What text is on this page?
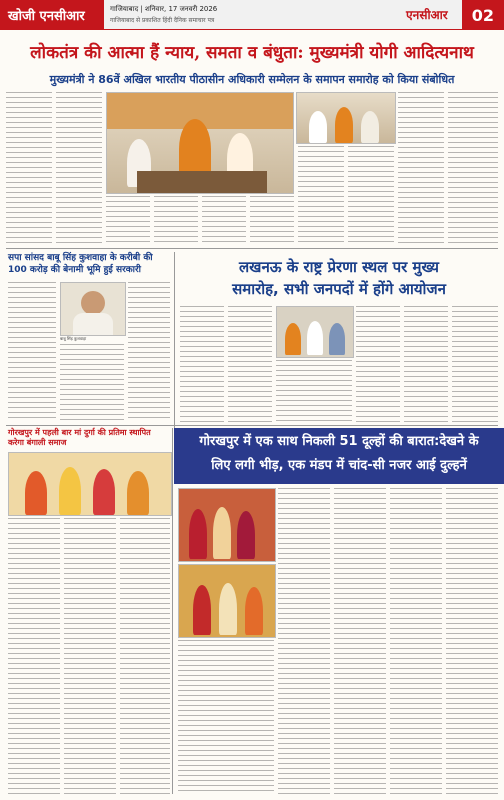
खोजी एनसीआर	गाजियाबाद | शनिवार, 17 जनवरी 2026
गाजियाबाद से प्रकाशित हिंदी दैनिक समाचार पत्र	एनसीआर	02
लोकतंत्र की आत्मा हैं न्याय, समता व बंधुता: मुख्यमंत्री योगी आदित्यनाथ
मुख्यमंत्री ने 86वें अखिल भारतीय पीठासीन अधिकारी सम्मेलन के समापन समारोह को किया संबोधित
सपा सांसद बाबू सिंह कुशवाहा के करीबी की 100 करोड़ की बेनामी भूमि हुई सरकारी
बाबू सिंह कुशवाहा
लखनऊ के राष्ट्र प्रेरणा स्थल पर मुख्य
समारोह, सभी जनपदों में होंगे आयोजन
गोरखपुर में पहली बार मां दुर्गा की प्रतिमा स्थापित करेगा बंगाली समाज	गोरखपुर में एक साथ निकली 51 दूल्हों की बारात:देखने के
लिए लगी भीड़, एक मंडप में चांद-सी नजर आई दुल्हनें
